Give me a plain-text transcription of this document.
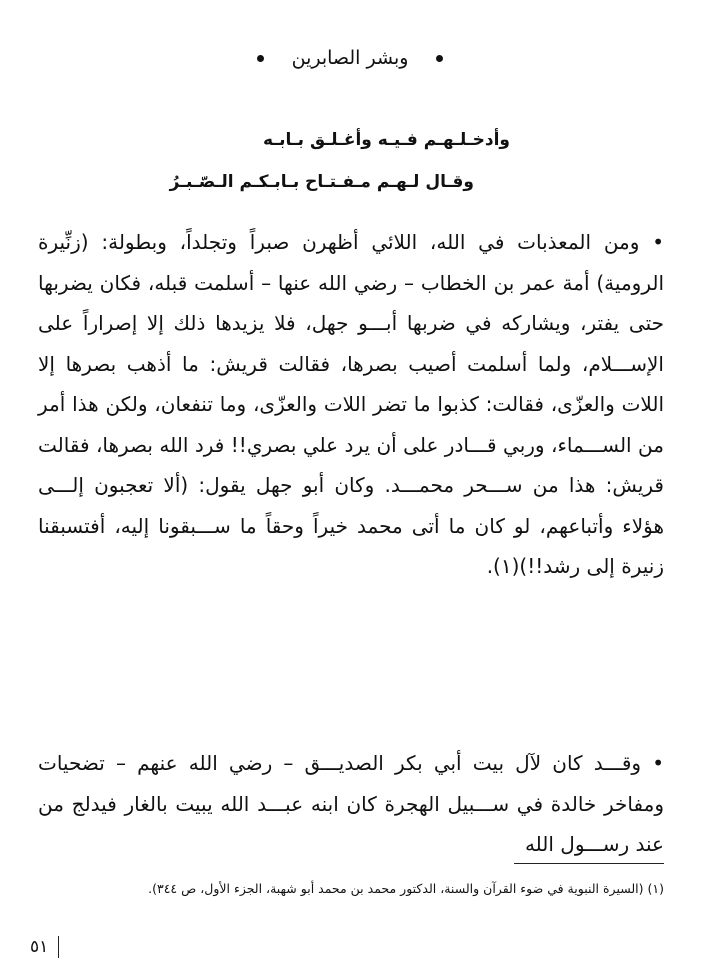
وبشر الصابرين
وأدخـلـهـم فـيـه وأغـلـق بـابـه
وقـال لـهـم مـفـتـاح بـابـكـم الـصّـبـرُ
• ومن المعذبات في الله، اللائي أظهرن صبراً وتجلداً، وبطولة: (زنِّيرة الرومية) أمة عمر بن الخطاب – رضي الله عنها – أسلمت قبله، فكان يضربها حتى يفتر، ويشاركه في ضربها أبـــو جهل، فلا يزيدها ذلك إلا إصراراً على الإســـلام، ولما أسلمت أصيب بصرها، فقالت قريش: ما أذهب بصرها إلا اللات والعزّى، فقالت: كذبوا ما تضر اللات والعزّى، وما تنفعان، ولكن هذا أمر من الســـماء، وربي قـــادر على أن يرد علي بصري!! فرد الله بصرها، فقالت قريش: هذا من ســـحر محمـــد. وكان أبو جهل يقول: (ألا تعجبون إلـــى هؤلاء وأتباعهم، لو كان ما أتى محمد خيراً وحقاً ما ســـبقونا إليه، أفتسبقنا زنيرة إلى رشد!!)(١).
• وقـــد كان لآل بيت أبي بكر الصديـــق – رضي الله عنهم – تضحيات ومفاخر خالدة في ســـبيل الهجرة كان ابنه عبـــد الله يبيت بالغار فيدلج من عند رســـول الله
(١) (السيرة النبوية في ضوء القرآن والسنة، الدكتور محمد بن محمد أبو شهبة، الجزء الأول، ص ٣٤٤).
٥١
